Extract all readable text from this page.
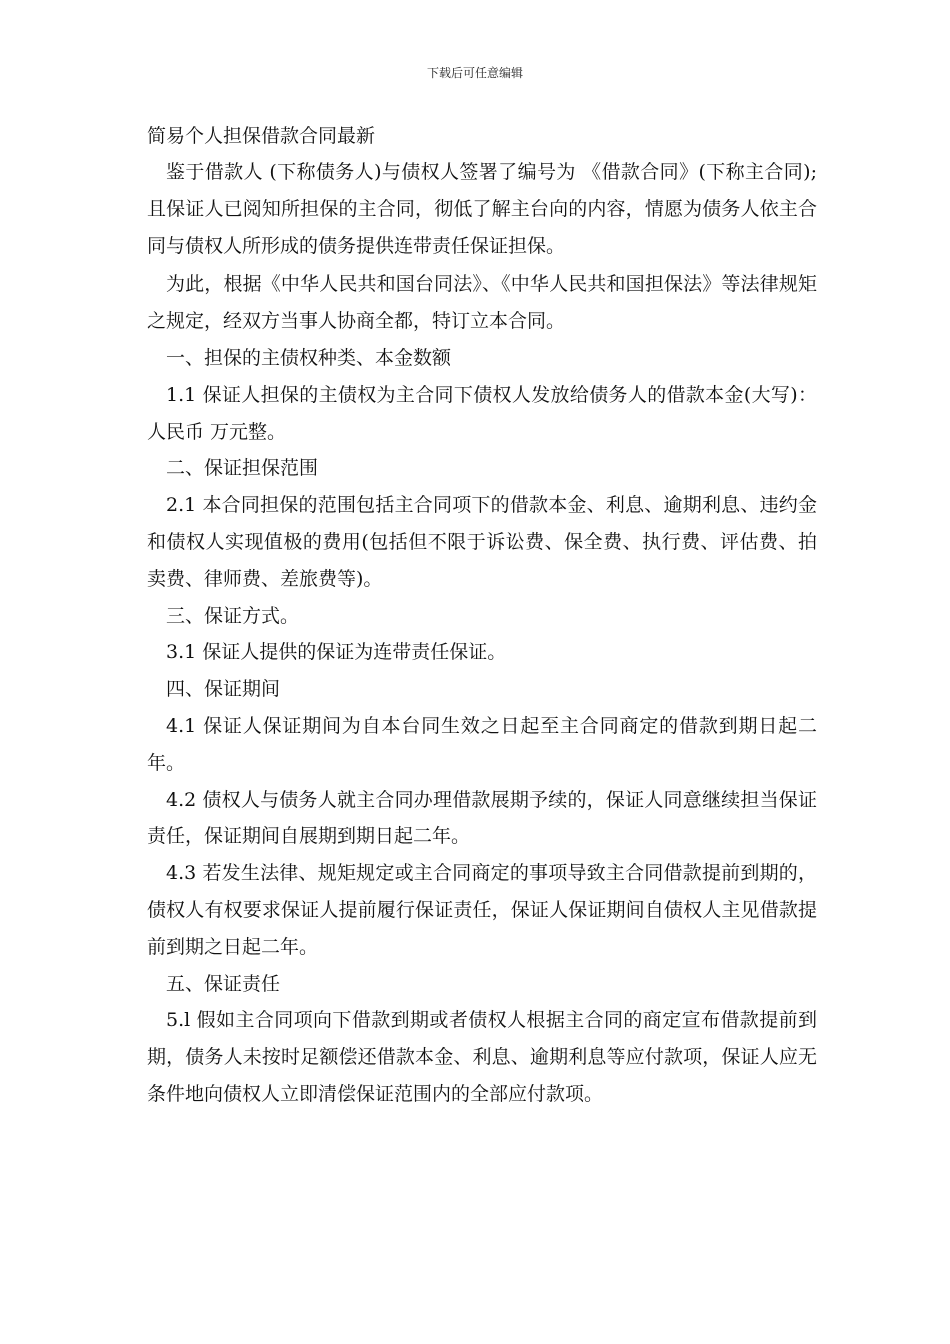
下载后可任意编辑

简易个人担保借款合同最新

鉴于借款人 (下称债务人)与债权人签署了编号为 《借款合同》(下称主合同);且保证人已阅知所担保的主合同，彻低了解主台向的内容，情愿为债务人依主合同与债权人所形成的债务提供连带责任保证担保。

为此，根据《中华人民共和国台同法》、《中华人民共和国担保法》等法律规矩之规定，经双方当事人协商全都，特订立本合同。

一、担保的主债权种类、本金数额

1.1 保证人担保的主债权为主合同下债权人发放给债务人的借款本金(大写)：人民币 万元整。

二、保证担保范围

2.1 本合同担保的范围包括主合同项下的借款本金、利息、逾期利息、违约金和债权人实现值极的费用(包括但不限于诉讼费、保全费、执行费、评估费、拍卖费、律师费、差旅费等)。

三、保证方式。

3.1 保证人提供的保证为连带责任保证。

四、保证期间

4.1 保证人保证期间为自本台同生效之日起至主合同商定的借款到期日起二年。

4.2 债权人与债务人就主合同办理借款展期予续的，保证人同意继续担当保证责任，保证期间自展期到期日起二年。

4.3 若发生法律、规矩规定或主合同商定的事项导致主合同借款提前到期的，债权人有权要求保证人提前履行保证责任，保证人保证期间自债权人主见借款提前到期之日起二年。

五、保证责任

5.l 假如主合同项向下借款到期或者债权人根据主合同的商定宣布借款提前到期，债务人未按时足额偿还借款本金、利息、逾期利息等应付款项，保证人应无条件地向债权人立即清偿保证范围内的全部应付款项。
